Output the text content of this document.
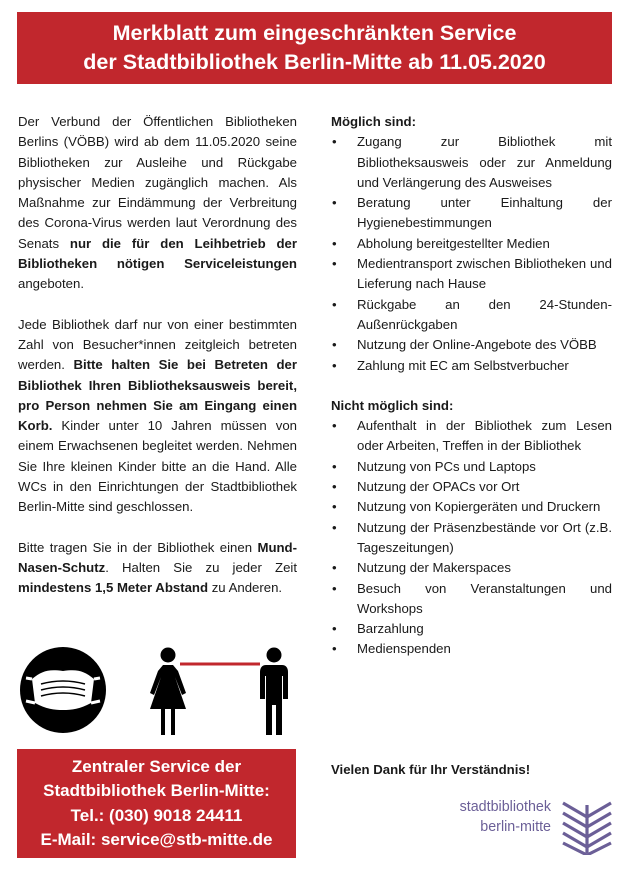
Merkblatt zum eingeschränkten Service
der Stadtbibliothek Berlin-Mitte ab 11.05.2020

Der Verbund der Öffentlichen Bibliotheken Berlins (VÖBB) wird ab dem 11.05.2020 seine Bibliotheken zur Ausleihe und Rückgabe physischer Medien zugänglich machen. Als Maßnahme zur Eindämmung der Verbreitung des Corona-Virus werden laut Verordnung des Senats nur die für den Leihbetrieb der Bibliotheken nötigen Serviceleistungen angeboten.

Jede Bibliothek darf nur von einer bestimmten Zahl von Besucher*innen zeitgleich betreten werden. Bitte halten Sie bei Betreten der Bibliothek Ihren Bibliotheksausweis bereit, pro Person nehmen Sie am Eingang einen Korb. Kinder unter 10 Jahren müssen von einem Erwachsenen begleitet werden. Nehmen Sie Ihre kleinen Kinder bitte an die Hand. Alle WCs in den Einrichtungen der Stadtbibliothek Berlin-Mitte sind geschlossen.

Bitte tragen Sie in der Bibliothek einen Mund-Nasen-Schutz. Halten Sie zu jeder Zeit mindestens 1,5 Meter Abstand zu Anderen.

Zentraler Service der
Stadtbibliothek Berlin-Mitte:
Tel.: (030) 9018 24411
E-Mail: service@stb-mitte.de
Möglich sind:
• Zugang zur Bibliothek mit Bibliotheksausweis oder zur Anmeldung und Verlängerung des Ausweises
• Beratung unter Einhaltung der Hygienebestimmungen
• Abholung bereitgestellter Medien
• Medientransport zwischen Bibliotheken und Lieferung nach Hause
• Rückgabe an den 24-Stunden-Außenrückgaben
• Nutzung der Online-Angebote des VÖBB
• Zahlung mit EC am Selbstverbucher
Nicht möglich sind:
• Aufenthalt in der Bibliothek zum Lesen oder Arbeiten, Treffen in der Bibliothek
• Nutzung von PCs und Laptops
• Nutzung der OPACs vor Ort
• Nutzung von Kopiergeräten und Druckern
• Nutzung der Präsenzbestände vor Ort (z.B. Tageszeitungen)
• Nutzung der Makerspaces
• Besuch von Veranstaltungen und Workshops
• Barzahlung
• Medienspenden
Vielen Dank für Ihr Verständnis!
stadtbibliothek
berlin-mitte
